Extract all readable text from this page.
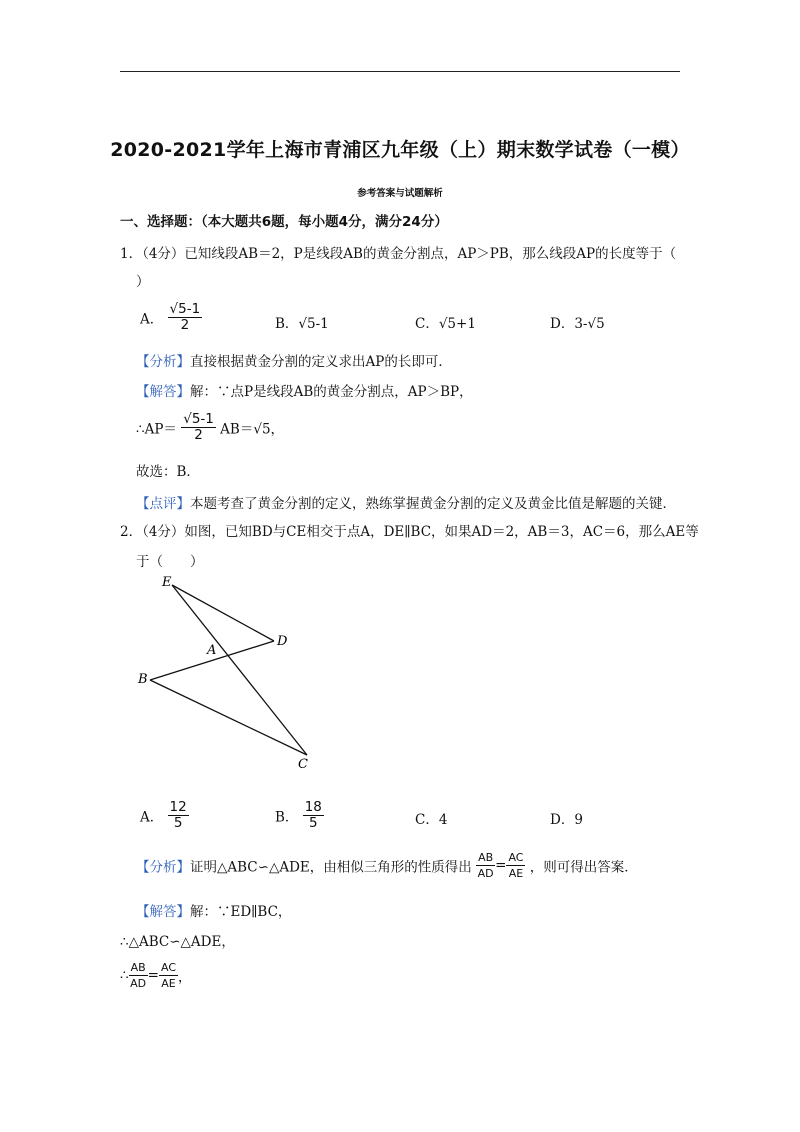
2020-2021学年上海市青浦区九年级（上）期末数学试卷（一模）
参考答案与试题解析
一、选择题：（本大题共6题，每小题4分，满分24分）
1．（4分）已知线段AB＝2，P是线段AB的黄金分割点，AP＞PB，那么线段AP的长度等于（
）
A． $\frac{√5-1}{2}$	B．√5-1	C．√5+1	D．3-√5
【分析】直接根据黄金分割的定义求出AP的长即可．
【解答】解：∵点P是线段AB的黄金分割点，AP＞BP，
∴AP＝ $\frac{√5-1}{2} AB=√5$，
故选：B．
【点评】本题考查了黄金分割的定义，熟练掌握黄金分割的定义及黄金比值是解题的关键．
2．（4分）如图，已知BD与CE相交于点A，DE∥BC，如果AD＝2，AB＝3，AC＝6，那么AE等
于（　　）
E
D
A
B
C
A． $\frac{12}{5}$	B． $\frac{18}{5}$	C．4	D．9
【分析】证明△ABC∽△ADE，由相似三角形的性质得出 $\frac{AB}{AD} = \frac{AC}{AE}$ ，则可得出答案．
【解答】解：∵ED∥BC，
∴△ABC∽△ADE，
∴ $\frac{AB}{AD} = \frac{AC}{AE}$ ，
